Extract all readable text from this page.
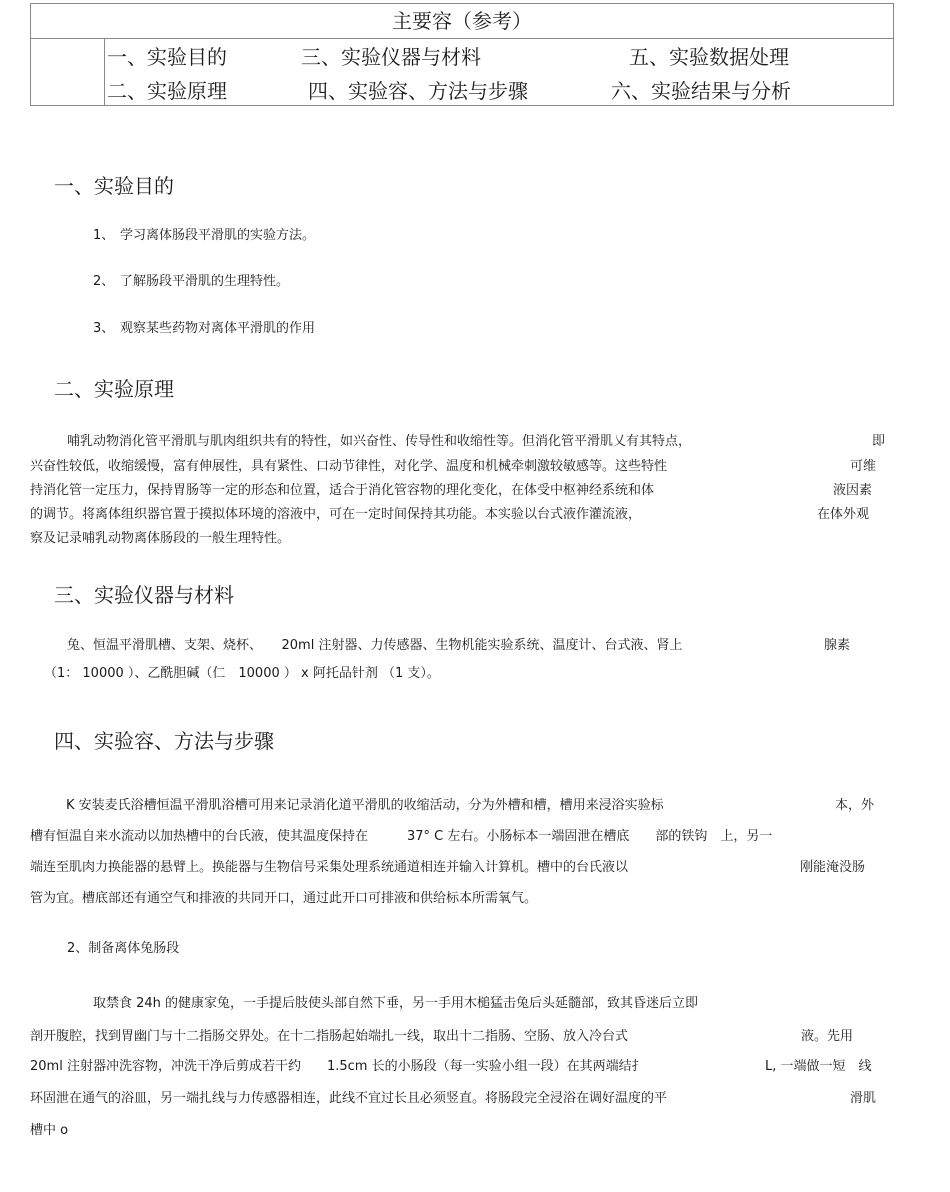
主要容（参考）
一、实验目的	三、实验仪器与材料	五、实验数据处理
二、实验原理	四、实验容、方法与步骤	六、实验结果与分析
一、实验目的
1、 学习离体肠段平滑肌的实验方法。
2、 了解肠段平滑肌的生理特性。
3、 观察某些药物对离体平滑肌的作用
二、实验原理
哺乳动物消化管平滑肌与肌肉组织共有的特性，如兴奋性、传导性和收缩性等。但消化管平滑肌乂有其特点，	即
兴奋性较低，收缩缓慢，富有伸展性，具有紧性、口动节律性，对化学、温度和机械牵刺激较敏感等。这些特性	可维
持消化管一定压力，保持胃肠等一定的形态和位置，适合于消化管容物的理化变化，在体受中枢神经系统和体	液因素
的调节。将离体组织器官置于摸拟体环境的溶液中，可在一定时间保持其功能。本实验以台式液作灌流液，	在体外观
察及记录哺乳动物离体肠段的一般生理特性。
三、实验仪器与材料
兔、恒温平滑肌槽、支架、烧杯、　　20ml 注射器、力传感器、生物机能实验系统、温度计、台式液、肾上	腺素
（1： 10000 ）、乙酰胆碱（仁　10000 ） x 阿托品针剂 （1 支）。
四、实验容、方法与步骤
K 安装麦氏浴槽恒温平滑肌浴槽可用来记录消化道平滑肌的收缩活动，分为外槽和槽，槽用来浸浴实验标	本，外
槽有恒温自来水流动以加热槽中的台氏液，使其温度保持在　　　37° C 左右。小肠标本一端固泄在槽底　　部的铁钩　上，另一
端连至肌肉力换能器的悬臂上。换能器与生物信号采集处理系统通道相连并输入计算机。槽中的台氏液以	刚能淹没肠
管为宜。槽底部还有通空气和排液的共同开口，通过此开口可排液和供给标本所需氧气。
2、制备离体兔肠段
取禁食 24h 的健康家兔，一手提后肢使头部自然下垂，另一手用木槌猛击兔后头延髓部，致其昏迷后立即
剖开腹腔，找到胃幽门与十二指肠交界处。在十二指肠起始端扎一线，取出十二指肠、空肠、放入冷台式	液。先用
20ml 注射器冲洗容物，冲洗干净后剪成若干约　　1.5cm 长的小肠段（每一实验小组一段）在其两端结扌	L, 一端做一短　线
环固泄在通气的浴皿，另一端扎线与力传感器相连，此线不宜过长且必须竖直。将肠段完全浸浴在调好温度的平	滑肌
槽中 o
